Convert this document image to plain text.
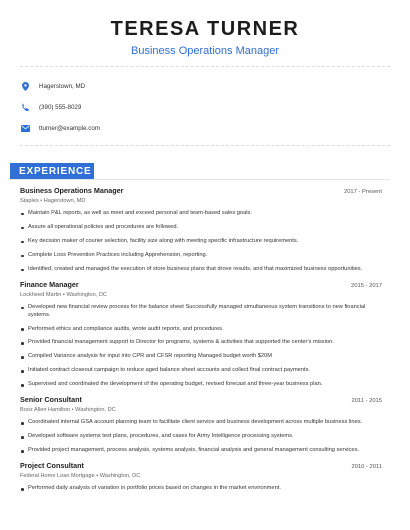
TERESA TURNER
Business Operations Manager
Hagerstown, MD
(390) 555-8029
tturner@example.com
EXPERIENCE
Business Operations Manager	2017 - Present
Staples • Hagerstown, MD
Maintain P&L reports, as well as meet and exceed personal and team-based sales goals.
Assure all operational policies and procedures are followed.
Key decision maker of courier selection, facility size along with meeting specific infrastructure requirements.
Complete Loss Prevention Practices including Apprehension, reporting.
Identified, created and managed the execution of store business plans that drove results, and that maximized business opportunities.
Finance Manager	2015 - 2017
Lockheed Martin • Washington, DC
Developed new financial review process for the balance sheet Successfully managed simultaneous system transitions to new financial systems.
Performed ethics and compliance audits, wrote audit reports, and procedures.
Provided financial management support to Director for programs, systems & activities that supported the center's mission.
Compiled Variance analysis for input into CPR and CFSR reporting Managed budget worth $20M
Initiated contract closeout campaign to reduce aged balance sheet accounts and collect final contract payments.
Supervised and coordinated the development of the operating budget, revised forecast and three-year business plan.
Senior Consultant	2011 - 2015
Booz Allen Hamilton • Washington, DC
Coordinated internal GSA account planning team to facilitate client service and business development across multiple business lines.
Developed software systems test plans, procedures, and cases for Army Intelligence processing systems.
Provided project management, process analysis, systems analysis, financial analysis and general management consulting services.
Project Consultant	2010 - 2011
Federal Home Loan Mortgage • Washington, DC
Performed daily analysis of variation in portfolio prices based on changes in the market environment.
